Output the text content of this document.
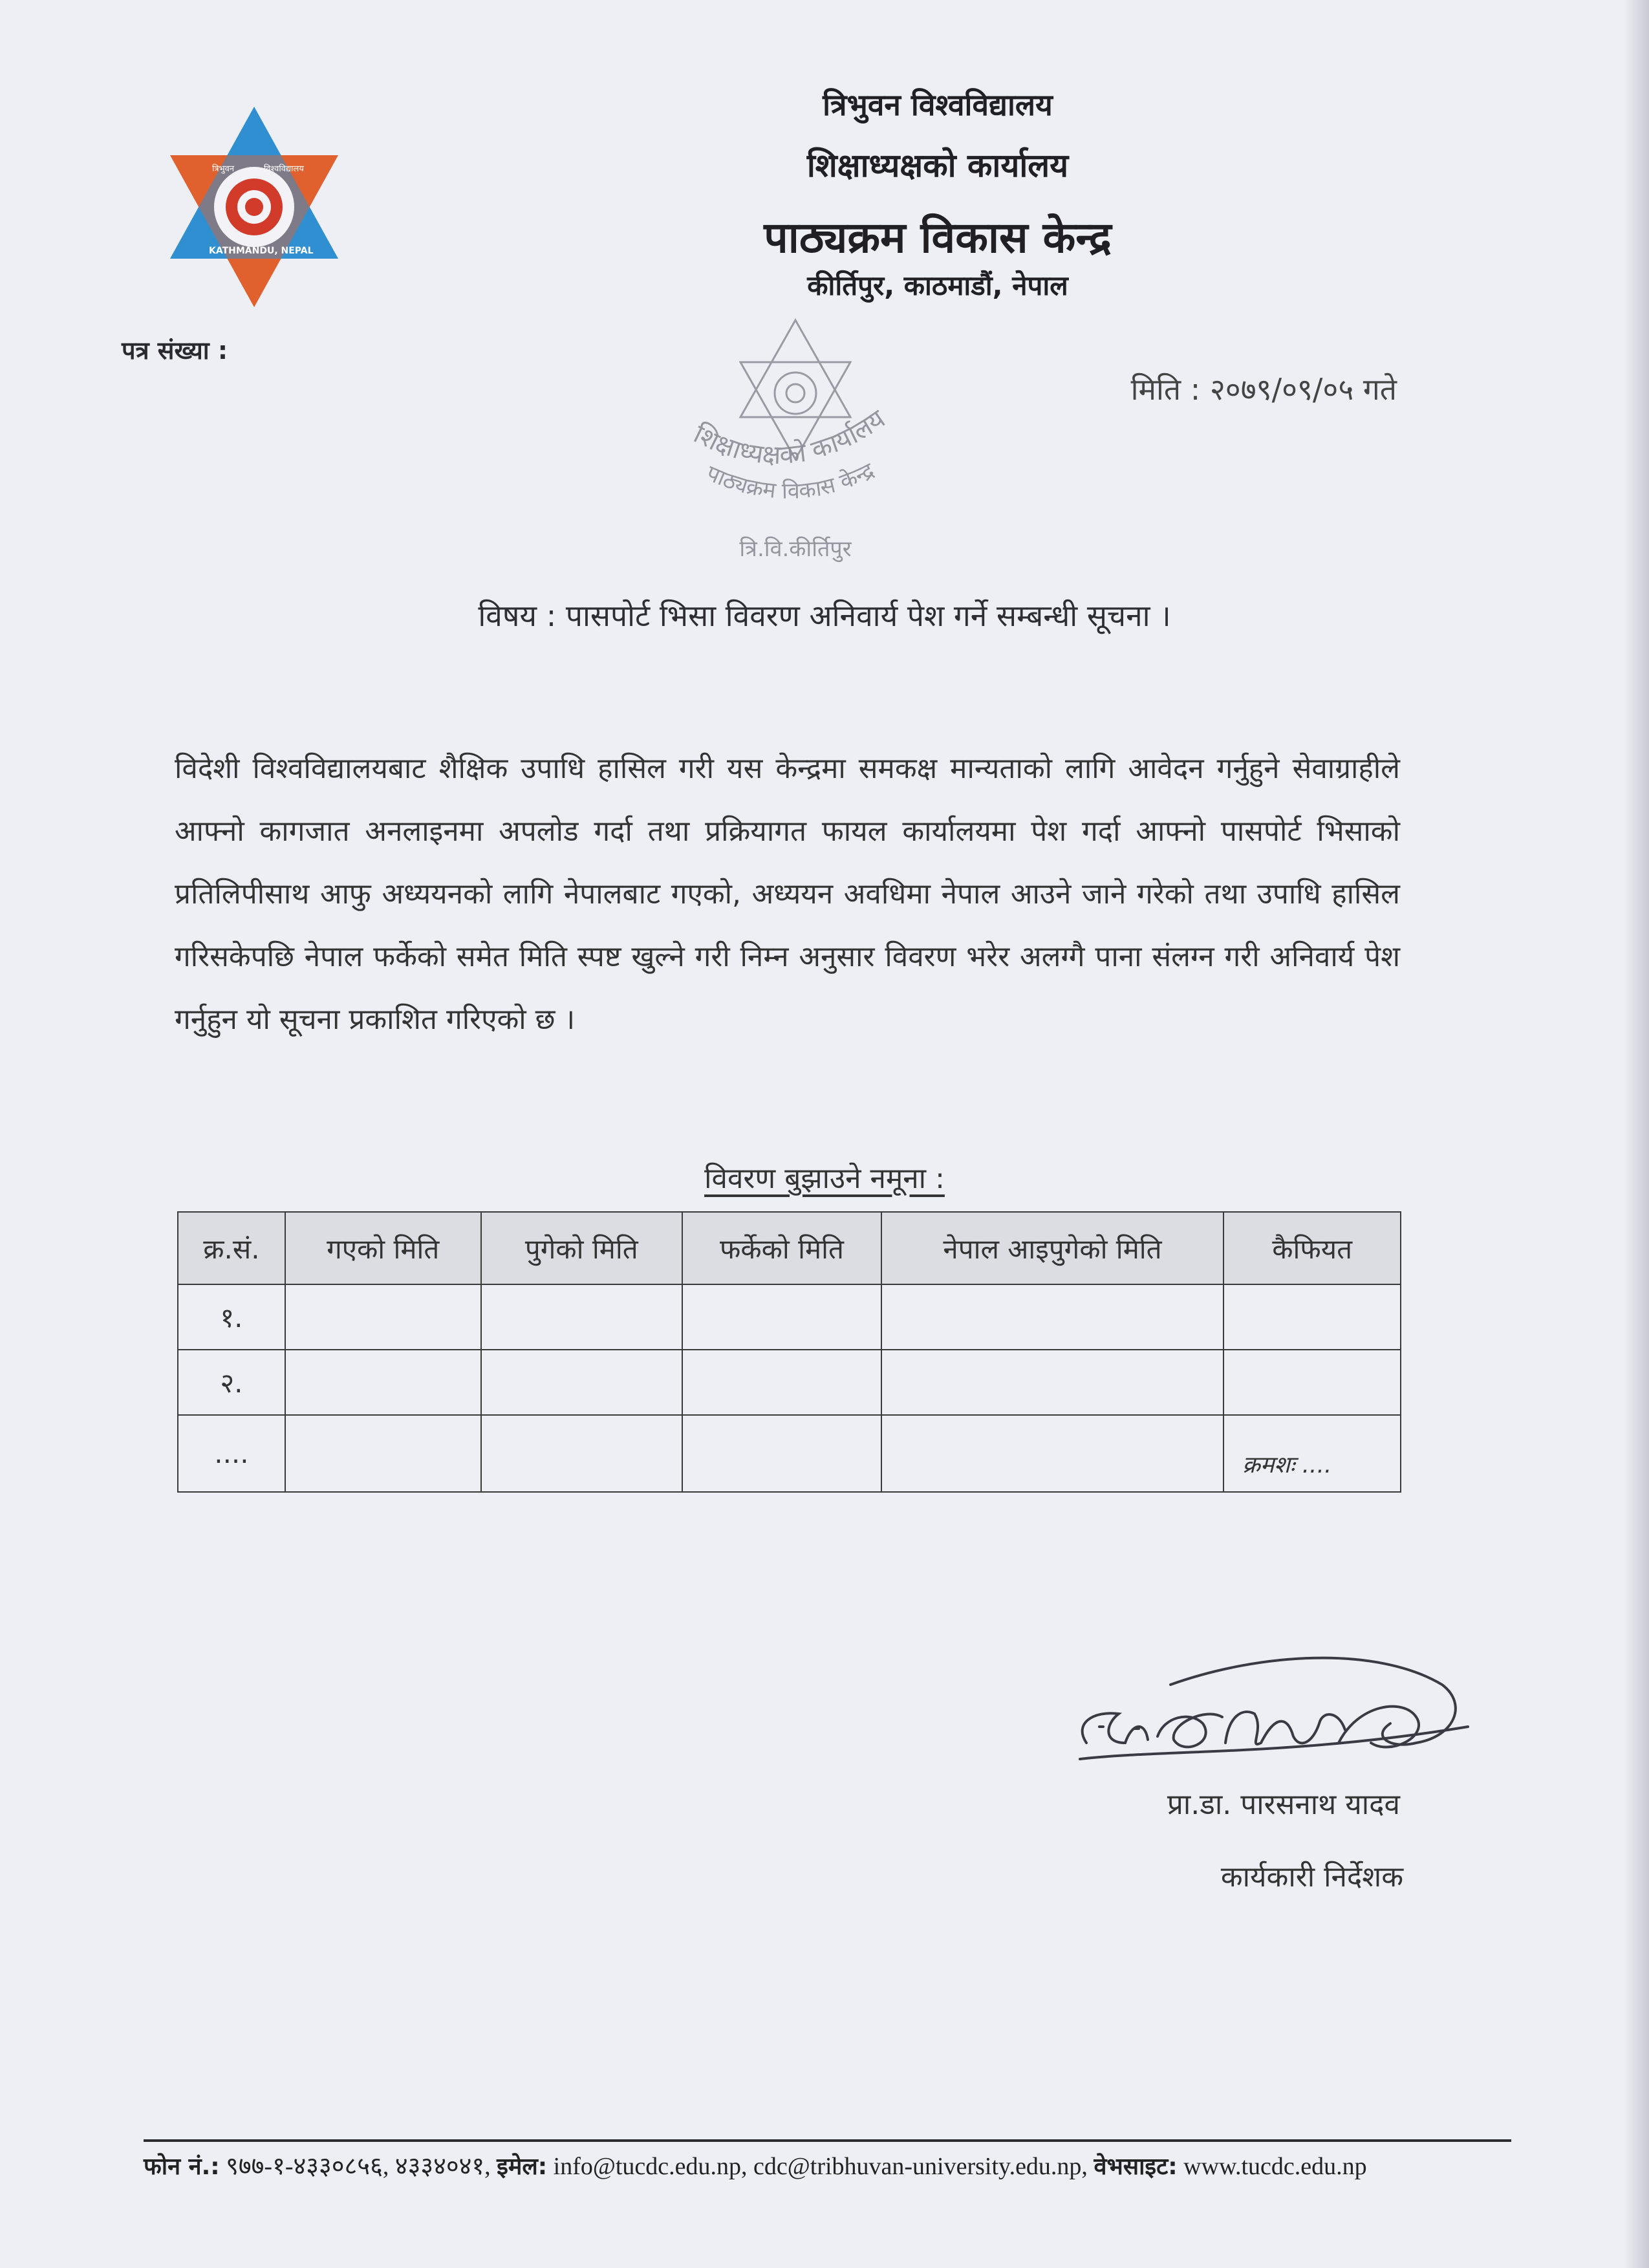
त्रिभुवन	विश्वविद्यालय
KATHMANDU, NEPAL
त्रिभुवन विश्वविद्यालय
शिक्षाध्यक्षको कार्यालय
पाठ्यक्रम विकास केन्द्र
कीर्तिपुर, काठमाडौं, नेपाल
पत्र संख्या :
मिति : २०७९/०९/०५ गते
शिक्षाध्यक्षको कार्यालय
पाठ्यक्रम विकास केन्द्र
त्रि.वि.कीर्तिपुर
विषय : पासपोर्ट भिसा विवरण अनिवार्य पेश गर्ने सम्बन्धी सूचना ।
विदेशी विश्वविद्यालयबाट शैक्षिक उपाधि हासिल गरी यस केन्द्रमा समकक्ष मान्यताको लागि आवेदन गर्नुहुने सेवाग्राहीले आफ्नो कागजात अनलाइनमा अपलोड गर्दा तथा प्रक्रियागत फायल कार्यालयमा पेश गर्दा आफ्नो पासपोर्ट भिसाको प्रतिलिपीसाथ आफु अध्ययनको लागि नेपालबाट गएको, अध्ययन अवधिमा नेपाल आउने जाने गरेको तथा उपाधि हासिल गरिसकेपछि नेपाल फर्केको समेत मिति स्पष्ट खुल्ने गरी निम्न अनुसार विवरण भरेर अलग्गै पाना संलग्न गरी अनिवार्य पेश गर्नुहुन यो सूचना प्रकाशित गरिएको छ ।
विवरण बुझाउने नमूना :
क्र.सं.	गएको मिति	पुगेको मिति	फर्केको मिति	नेपाल आइपुगेको मिति	कैफियत
१.					
२.					
....					क्रमशः ....
प्रा.डा. पारसनाथ यादव
कार्यकारी निर्देशक
फोन नं.: ९७७-१-४३३०८५६, ४३३४०४१, इमेल: info@tucdc.edu.np, cdc@tribhuvan-university.edu.np, वेभसाइट: www.tucdc.edu.np
